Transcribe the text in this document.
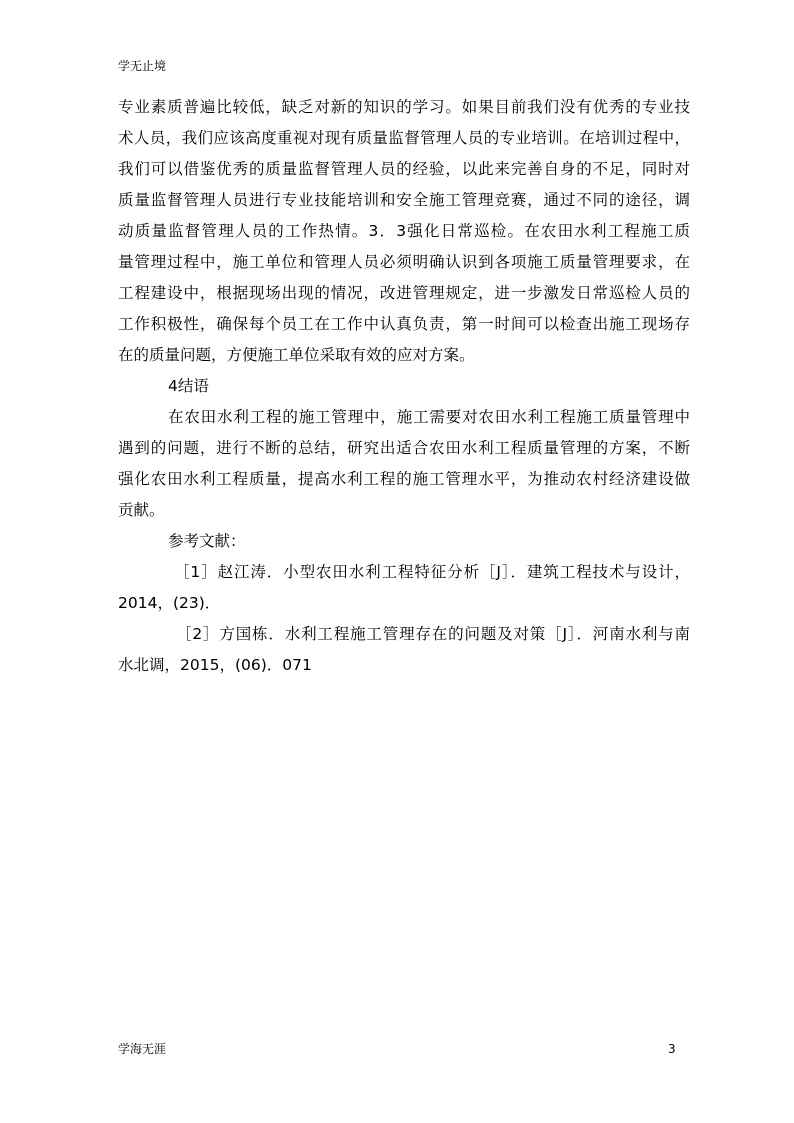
学无止境
专业素质普遍比较低，缺乏对新的知识的学习。如果目前我们没有优秀的专业技
术人员，我们应该高度重视对现有质量监督管理人员的专业培训。在培训过程中，
我们可以借鉴优秀的质量监督管理人员的经验，以此来完善自身的不足，同时对
质量监督管理人员进行专业技能培训和安全施工管理竞赛，通过不同的途径，调
动质量监督管理人员的工作热情。3．3强化日常巡检。在农田水利工程施工质
量管理过程中，施工单位和管理人员必须明确认识到各项施工质量管理要求，在
工程建设中，根据现场出现的情况，改进管理规定，进一步激发日常巡检人员的
工作积极性，确保每个员工在工作中认真负责，第一时间可以检查出施工现场存
在的质量问题，方便施工单位采取有效的应对方案。
4结语
在农田水利工程的施工管理中，施工需要对农田水利工程施工质量管理中
遇到的问题，进行不断的总结，研究出适合农田水利工程质量管理的方案，不断
强化农田水利工程质量，提高水利工程的施工管理水平，为推动农村经济建设做
贡献。
参考文献：
［1］赵江涛．小型农田水利工程特征分析［J］．建筑工程技术与设计，
2014，(23)．
［2］方国栋．水利工程施工管理存在的问题及对策［J］．河南水利与南
水北调，2015，(06)．071
学海无涯	3
